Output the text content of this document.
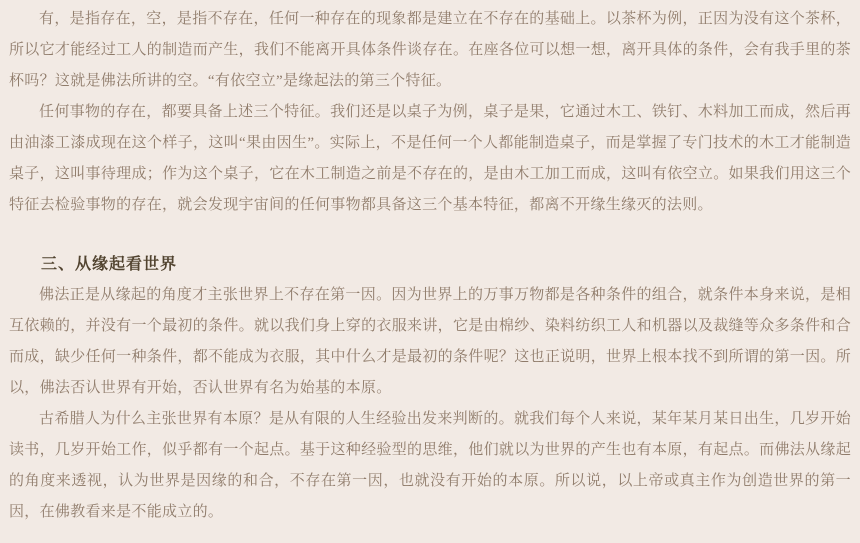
有，是指存在，空，是指不存在，任何一种存在的现象都是建立在不存在的基础上。以茶杯为例，正因为没有这个茶杯，所以它才能经过工人的制造而产生，我们不能离开具体条件谈存在。在座各位可以想一想，离开具体的条件，会有我手里的茶杯吗？这就是佛法所讲的空。“有依空立”是缘起法的第三个特征。

任何事物的存在，都要具备上述三个特征。我们还是以桌子为例，桌子是果，它通过木工、铁钉、木料加工而成，然后再由油漆工漆成现在这个样子，这叫“果由因生”。实际上，不是任何一个人都能制造桌子，而是掌握了专门技术的木工才能制造桌子，这叫事待理成；作为这个桌子，它在木工制造之前是不存在的，是由木工加工而成，这叫有依空立。如果我们用这三个特征去检验事物的存在，就会发现宇宙间的任何事物都具备这三个基本特征，都离不开缘生缘灭的法则。

三、从缘起看世界

佛法正是从缘起的角度才主张世界上不存在第一因。因为世界上的万事万物都是各种条件的组合，就条件本身来说，是相互依赖的，并没有一个最初的条件。就以我们身上穿的衣服来讲，它是由棉纱、染料纺织工人和机器以及裁缝等众多条件和合而成，缺少任何一种条件，都不能成为衣服，其中什么才是最初的条件呢？这也正说明，世界上根本找不到所谓的第一因。所以，佛法否认世界有开始，否认世界有名为始基的本原。

古希腊人为什么主张世界有本原？是从有限的人生经验出发来判断的。就我们每个人来说，某年某月某日出生，几岁开始读书，几岁开始工作，似乎都有一个起点。基于这种经验型的思维，他们就以为世界的产生也有本原，有起点。而佛法从缘起的角度来透视，认为世界是因缘的和合，不存在第一因，也就没有开始的本原。所以说，以上帝或真主作为创造世界的第一因，在佛教看来是不能成立的。
